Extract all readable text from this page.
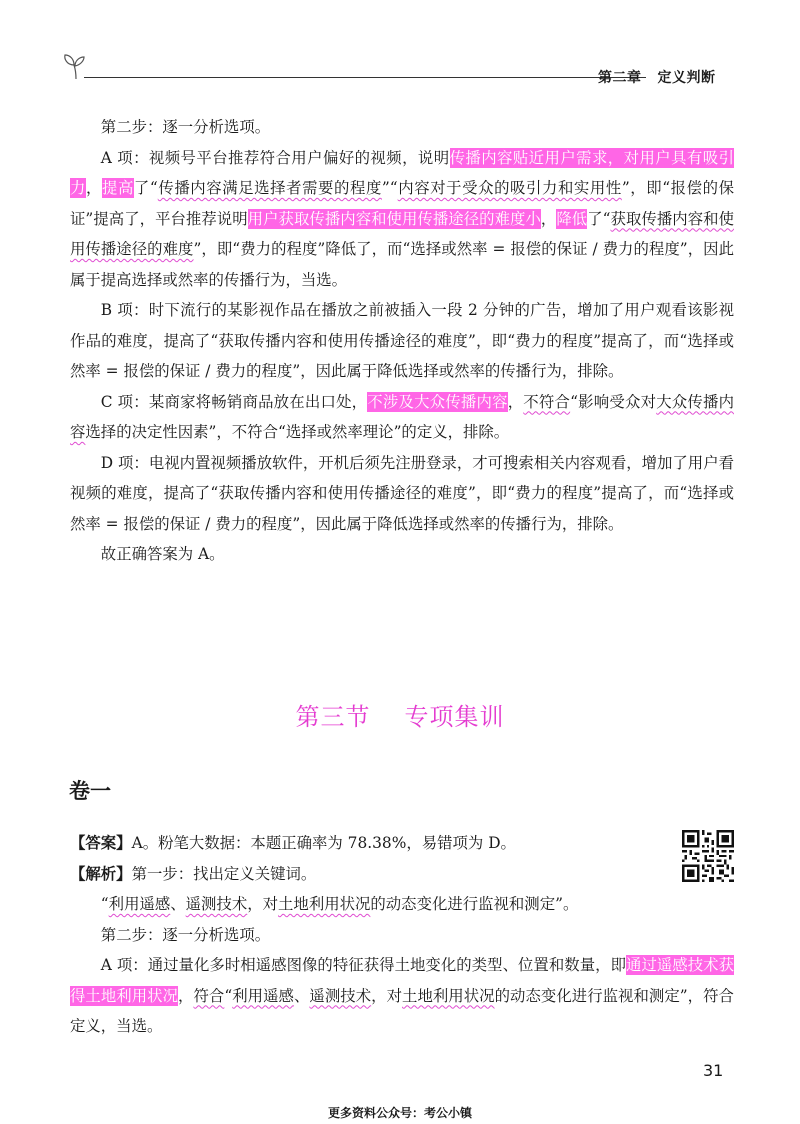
第二章 定义判断

第二步：逐一分析选项。

A 项：视频号平台推荐符合用户偏好的视频，说明传播内容贴近用户需求，对用户具有吸引力，提高了“传播内容满足选择者需要的程度”“内容对于受众的吸引力和实用性”，即“报偿的保证”提高了，平台推荐说明用户获取传播内容和使用传播途径的难度小，降低了“获取传播内容和使用传播途径的难度”，即“费力的程度”降低了，而“选择或然率 = 报偿的保证 / 费力的程度”，因此属于提高选择或然率的传播行为，当选。

B 项：时下流行的某影视作品在播放之前被插入一段 2 分钟的广告，增加了用户观看该影视作品的难度，提高了“获取传播内容和使用传播途径的难度”，即“费力的程度”提高了，而“选择或然率 = 报偿的保证 / 费力的程度”，因此属于降低选择或然率的传播行为，排除。

C 项：某商家将畅销商品放在出口处，不涉及大众传播内容，不符合“影响受众对大众传播内容选择的决定性因素”，不符合“选择或然率理论”的定义，排除。

D 项：电视内置视频播放软件，开机后须先注册登录，才可搜索相关内容观看，增加了用户看视频的难度，提高了“获取传播内容和使用传播途径的难度”，即“费力的程度”提高了，而“选择或然率 = 报偿的保证 / 费力的程度”，因此属于降低选择或然率的传播行为，排除。

故正确答案为 A。

第三节 专项集训
卷一

【答案】A。粉笔大数据：本题正确率为 78.38%，易错项为 D。

【解析】第一步：找出定义关键词。

“利用遥感、遥测技术，对土地利用状况的动态变化进行监视和测定”。

第二步：逐一分析选项。

A 项：通过量化多时相遥感图像的特征获得土地变化的类型、位置和数量，即通过遥感技术获得土地利用状况，符合“利用遥感、遥测技术，对土地利用状况的动态变化进行监视和测定”，符合定义，当选。

31
更多资料公众号：考公小镇
